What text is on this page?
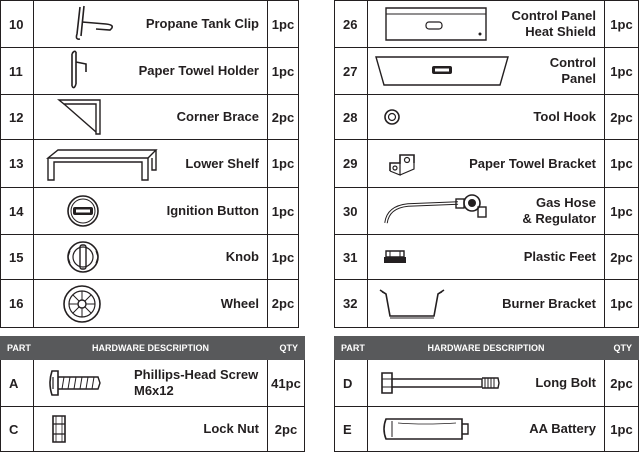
10	Propane Tank Clip	1pc
11	Paper Towel Holder	1pc
12	Corner Brace	2pc
13	Lower Shelf	1pc
14	Ignition Button	1pc
15	Knob	1pc
16	Wheel	2pc
26	Control Panel
Heat Shield	1pc
27	Control
Panel	1pc
28	Tool Hook	2pc
29	Paper Towel Bracket	1pc
30	Gas Hose
& Regulator	1pc
31	Plastic Feet	2pc
32	Burner Bracket	1pc
PART	HARDWARE DESCRIPTION	QTY
A	Phillips-Head Screw
M6x12	41pc
C	Lock Nut	2pc
PART	HARDWARE DESCRIPTION	QTY
D	Long Bolt	2pc
E	AA Battery	1pc
